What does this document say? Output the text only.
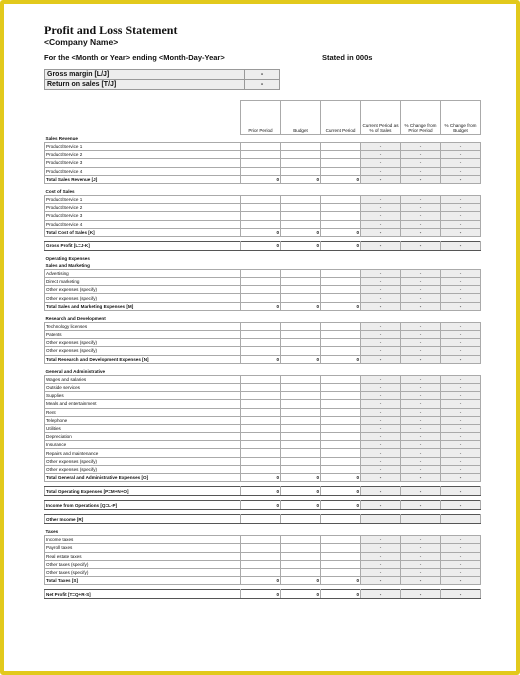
Profit and Loss Statement
<Company Name>
For the <Month or Year> ending <Month-Day-Year>	Stated in 000s
Gross margin [L/J]	-
Return on sales [T/J]	-
	Prior Period	Budget	Current Period	Current Period as % of Sales	% Change from Prior Period	% Change from Budget
Sales Revenue						
Product/Service 1				-	-	-
Product/Service 2				-	-	-
Product/Service 3				-	-	-
Product/Service 4				-	-	-
Total Sales Revenue [J]	0	0	0	-	-	-

Cost of Sales						
Product/Service 1				-	-	-
Product/Service 2				-	-	-
Product/Service 3				-	-	-
Product/Service 4				-	-	-
Total Cost of Sales [K]	0	0	0	-	-	-

Gross Profit [L=J-K]	0	0	0	-	-	-

Operating Expenses						
Sales and Marketing						
Advertising				-	-	-
Direct marketing				-	-	-
Other expenses (specify)				-	-	-
Other expenses (specify)				-	-	-
Total Sales and Marketing Expenses [M]	0	0	0	-	-	-

Research and Development						
Technology licenses				-	-	-
Patents				-	-	-
Other expenses (specify)				-	-	-
Other expenses (specify)				-	-	-
Total Research and Development Expenses [N]	0	0	0	-	-	-

General and Administrative						
Wages and salaries				-	-	-
Outside services				-	-	-
Supplies				-	-	-
Meals and entertainment				-	-	-
Rent				-	-	-
Telephone				-	-	-
Utilities				-	-	-
Depreciation				-	-	-
Insurance				-	-	-
Repairs and maintenance				-	-	-
Other expenses (specify)				-	-	-
Other expenses (specify)				-	-	-
Total General and Administrative Expenses [O]	0	0	0	-	-	-

Total Operating Expenses [P=M+N+O]	0	0	0	-	-	-

Income from Operations [Q=L-P]	0	0	0	-	-	-

Other Income [R]						

Taxes						
Income taxes				-	-	-
Payroll taxes				-	-	-
Real estate taxes				-	-	-
Other taxes (specify)				-	-	-
Other taxes (specify)				-	-	-
Total Taxes [S]	0	0	0	-	-	-

Net Profit [T=Q+R-S]	0	0	0	-	-	-
